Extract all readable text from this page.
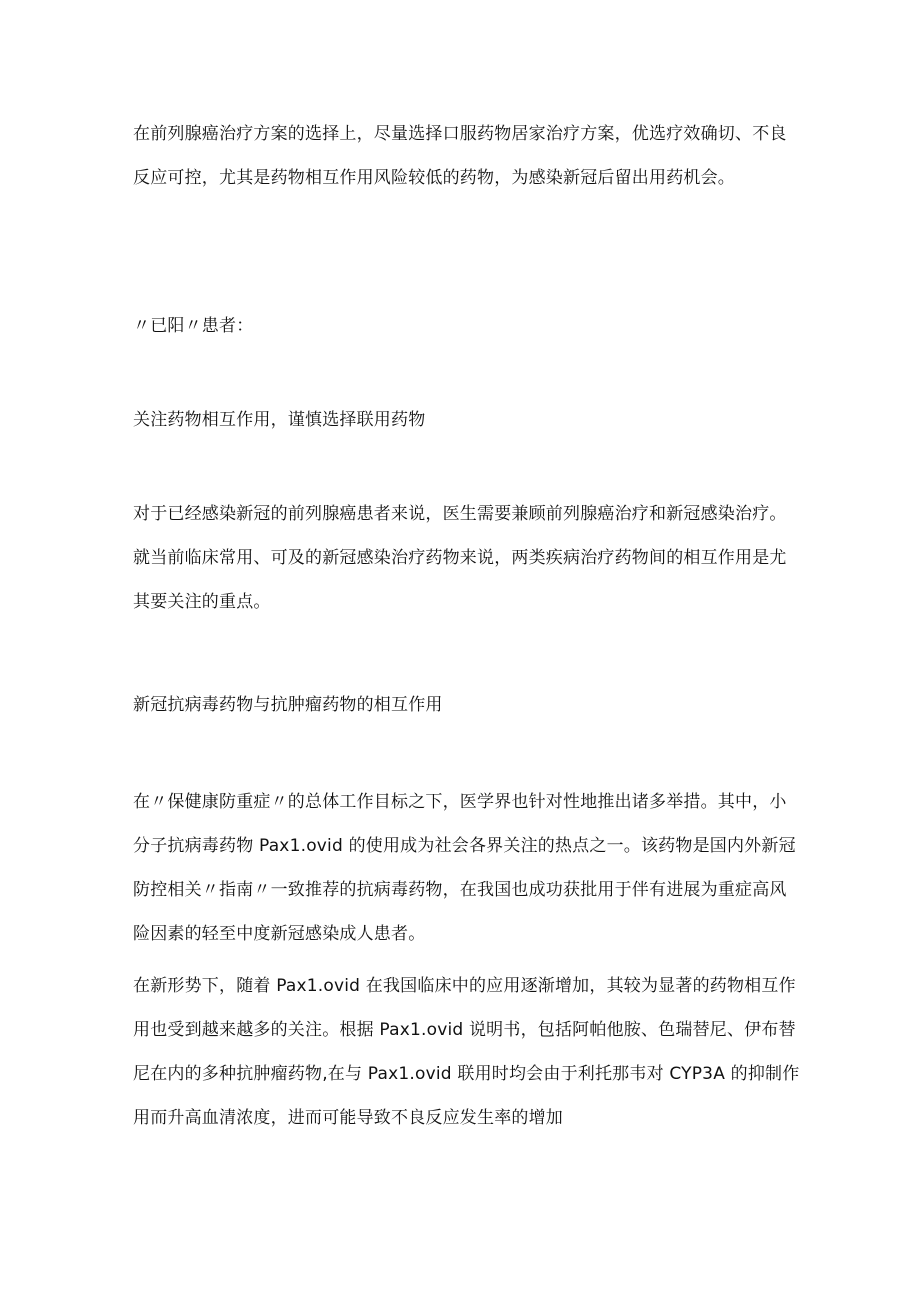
在前列腺癌治疗方案的选择上，尽量选择口服药物居家治疗方案，优选疗效确切、不良反应可控，尤其是药物相互作用风险较低的药物，为感染新冠后留出用药机会。

〃已阳〃患者：

关注药物相互作用，谨慎选择联用药物

对于已经感染新冠的前列腺癌患者来说，医生需要兼顾前列腺癌治疗和新冠感染治疗。就当前临床常用、可及的新冠感染治疗药物来说，两类疾病治疗药物间的相互作用是尤其要关注的重点。

新冠抗病毒药物与抗肿瘤药物的相互作用

在〃保健康防重症〃的总体工作目标之下，医学界也针对性地推出诸多举措。其中，小分子抗病毒药物 Pax1.ovid 的使用成为社会各界关注的热点之一。该药物是国内外新冠防控相关〃指南〃一致推荐的抗病毒药物，在我国也成功获批用于伴有进展为重症高风险因素的轻至中度新冠感染成人患者。

在新形势下，随着 Pax1.ovid 在我国临床中的应用逐渐增加，其较为显著的药物相互作用也受到越来越多的关注。根据 Pax1.ovid 说明书，包括阿帕他胺、色瑞替尼、伊布替尼在内的多种抗肿瘤药物,在与 Pax1.ovid 联用时均会由于利托那韦对 CYP3A 的抑制作用而升高血清浓度，进而可能导致不良反应发生率的增加
